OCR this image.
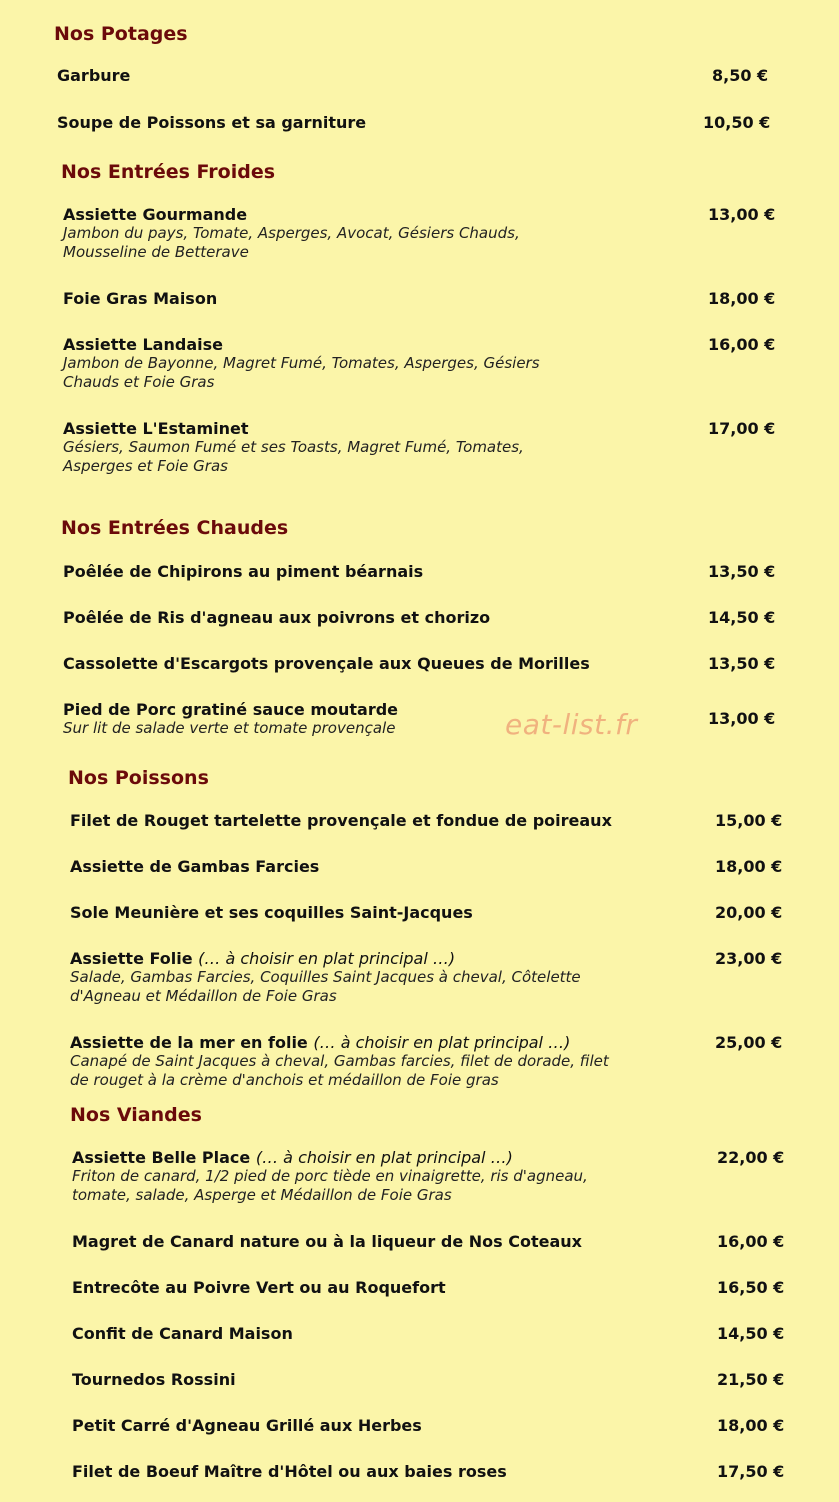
Nos Potages
Garbure	8,50 €
Soupe de Poissons et sa garniture	10,50 €
Nos Entrées Froides
Assiette Gourmande
Jambon du pays, Tomate, Asperges, Avocat, Gésiers Chauds, Mousseline de Betterave
13,00 €
Foie Gras Maison	18,00 €
Assiette Landaise
Jambon de Bayonne, Magret Fumé, Tomates, Asperges, Gésiers Chauds et Foie Gras
16,00 €
Assiette L'Estaminet
Gésiers, Saumon Fumé et ses Toasts, Magret Fumé, Tomates, Asperges et Foie Gras
17,00 €
Nos Entrées Chaudes
Poêlée de Chipirons au piment béarnais	13,50 €
Poêlée de Ris d'agneau aux poivrons et chorizo	14,50 €
Cassolette d'Escargots provençale aux Queues de Morilles	13,50 €
Pied de Porc gratiné sauce moutarde
Sur lit de salade verte et tomate provençale	13,00 €
eat-list.fr
Nos Poissons
Filet de Rouget tartelette provençale et fondue de poireaux	15,00 €
Assiette de Gambas Farcies	18,00 €
Sole Meunière et ses coquilles Saint-Jacques	20,00 €
Assiette Folie (… à choisir en plat principal …)
Salade, Gambas Farcies, Coquilles Saint Jacques à cheval, Côtelette d'Agneau et Médaillon de Foie Gras
23,00 €
Assiette de la mer en folie (… à choisir en plat principal …)
Canapé de Saint Jacques à cheval, Gambas farcies, filet de dorade, filet de rouget à la crème d'anchois et médaillon de Foie gras
25,00 €
Nos Viandes
Assiette Belle Place (… à choisir en plat principal …)
Friton de canard, 1/2 pied de porc tiède en vinaigrette, ris d'agneau, tomate, salade, Asperge et Médaillon de Foie Gras
22,00 €
Magret de Canard nature ou à la liqueur de Nos Coteaux	16,00 €
Entrecôte au Poivre Vert ou au Roquefort	16,50 €
Confit de Canard Maison	14,50 €
Tournedos Rossini	21,50 €
Petit Carré d'Agneau Grillé aux Herbes	18,00 €
Filet de Boeuf Maître d'Hôtel ou aux baies roses	17,50 €
